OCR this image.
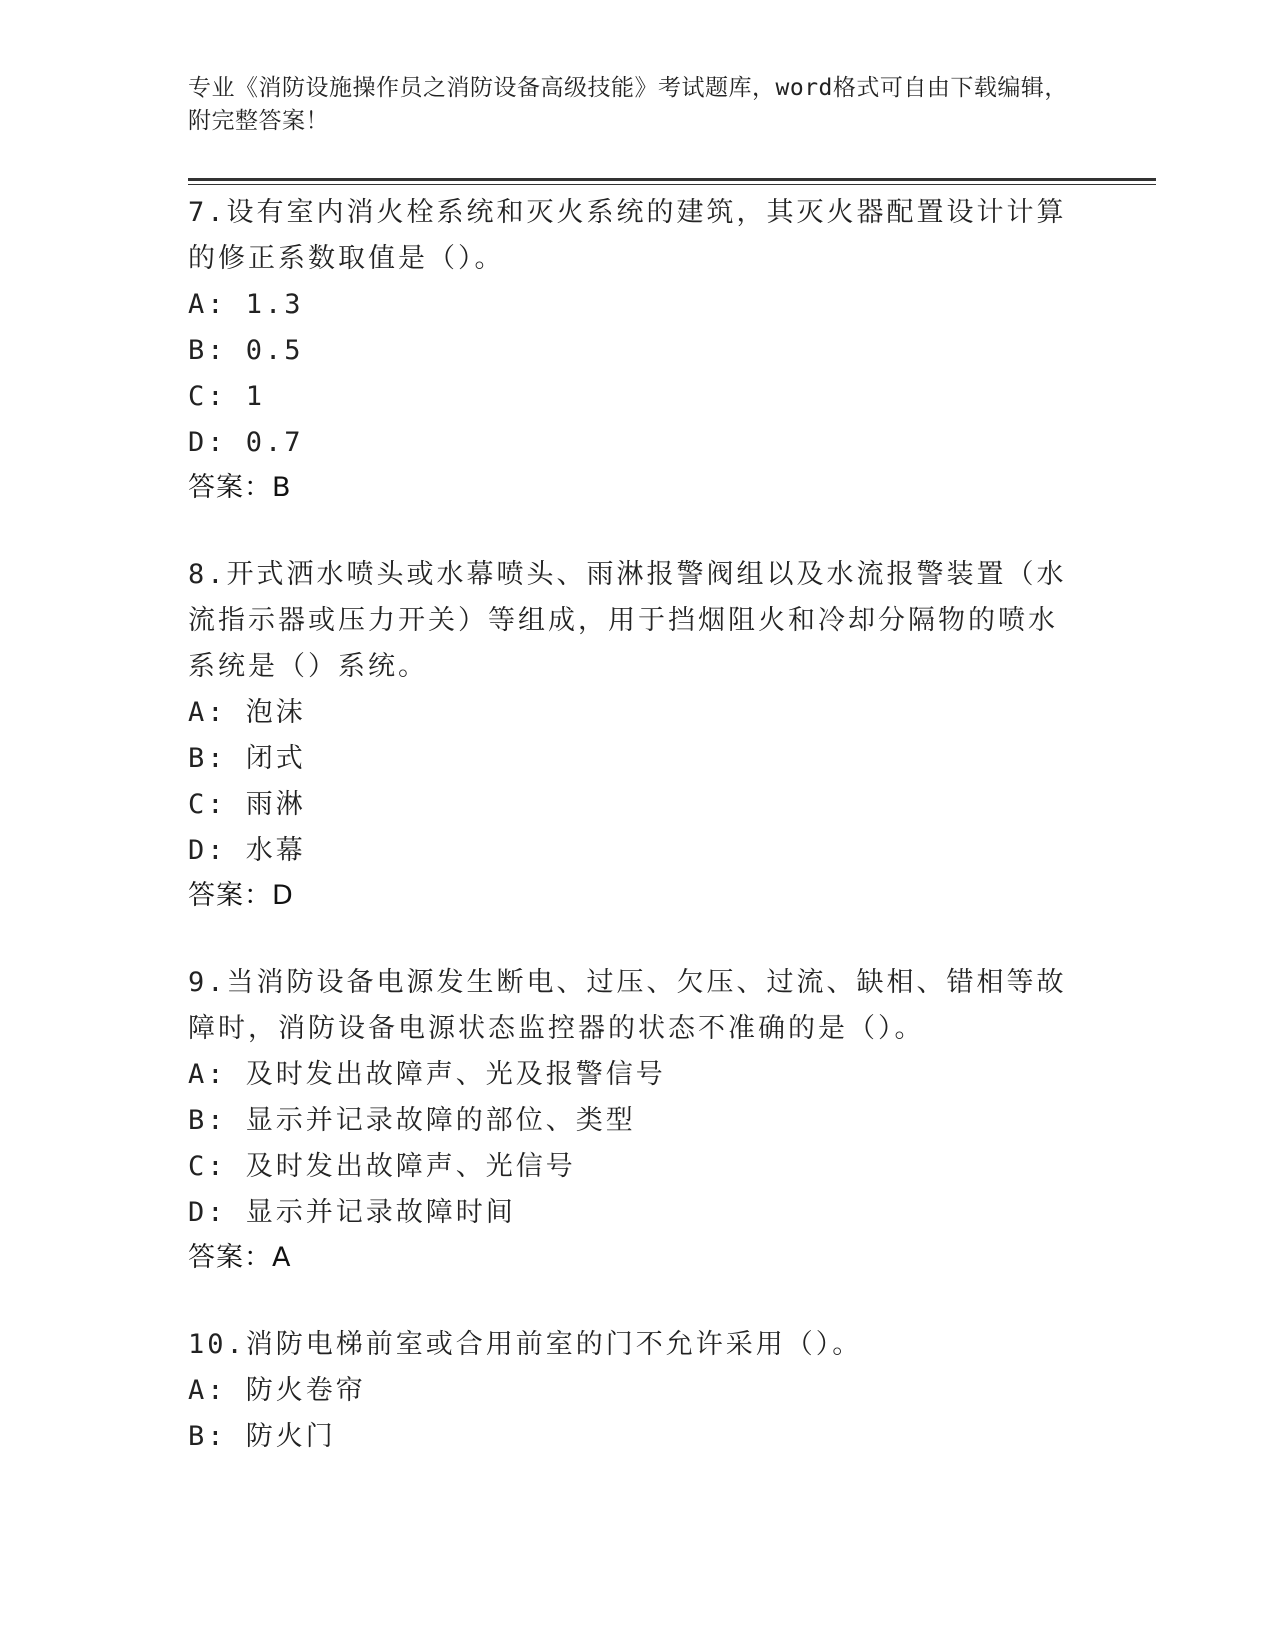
专业《消防设施操作员之消防设备高级技能》考试题库，word格式可自由下载编辑，附完整答案！

7.设有室内消火栓系统和灭火系统的建筑，其灭火器配置设计计算的修正系数取值是（）。

A: 1.3
B: 0.5
C: 1
D: 0.7
答案：B

8.开式洒水喷头或水幕喷头、雨淋报警阀组以及水流报警装置（水流指示器或压力开关）等组成，用于挡烟阻火和冷却分隔物的喷水系统是（）系统。

A: 泡沫
B: 闭式
C: 雨淋
D: 水幕
答案：D

9.当消防设备电源发生断电、过压、欠压、过流、缺相、错相等故障时，消防设备电源状态监控器的状态不准确的是（）。

A: 及时发出故障声、光及报警信号
B: 显示并记录故障的部位、类型
C: 及时发出故障声、光信号
D: 显示并记录故障时间
答案：A

10.消防电梯前室或合用前室的门不允许采用（）。

A: 防火卷帘
B: 防火门
